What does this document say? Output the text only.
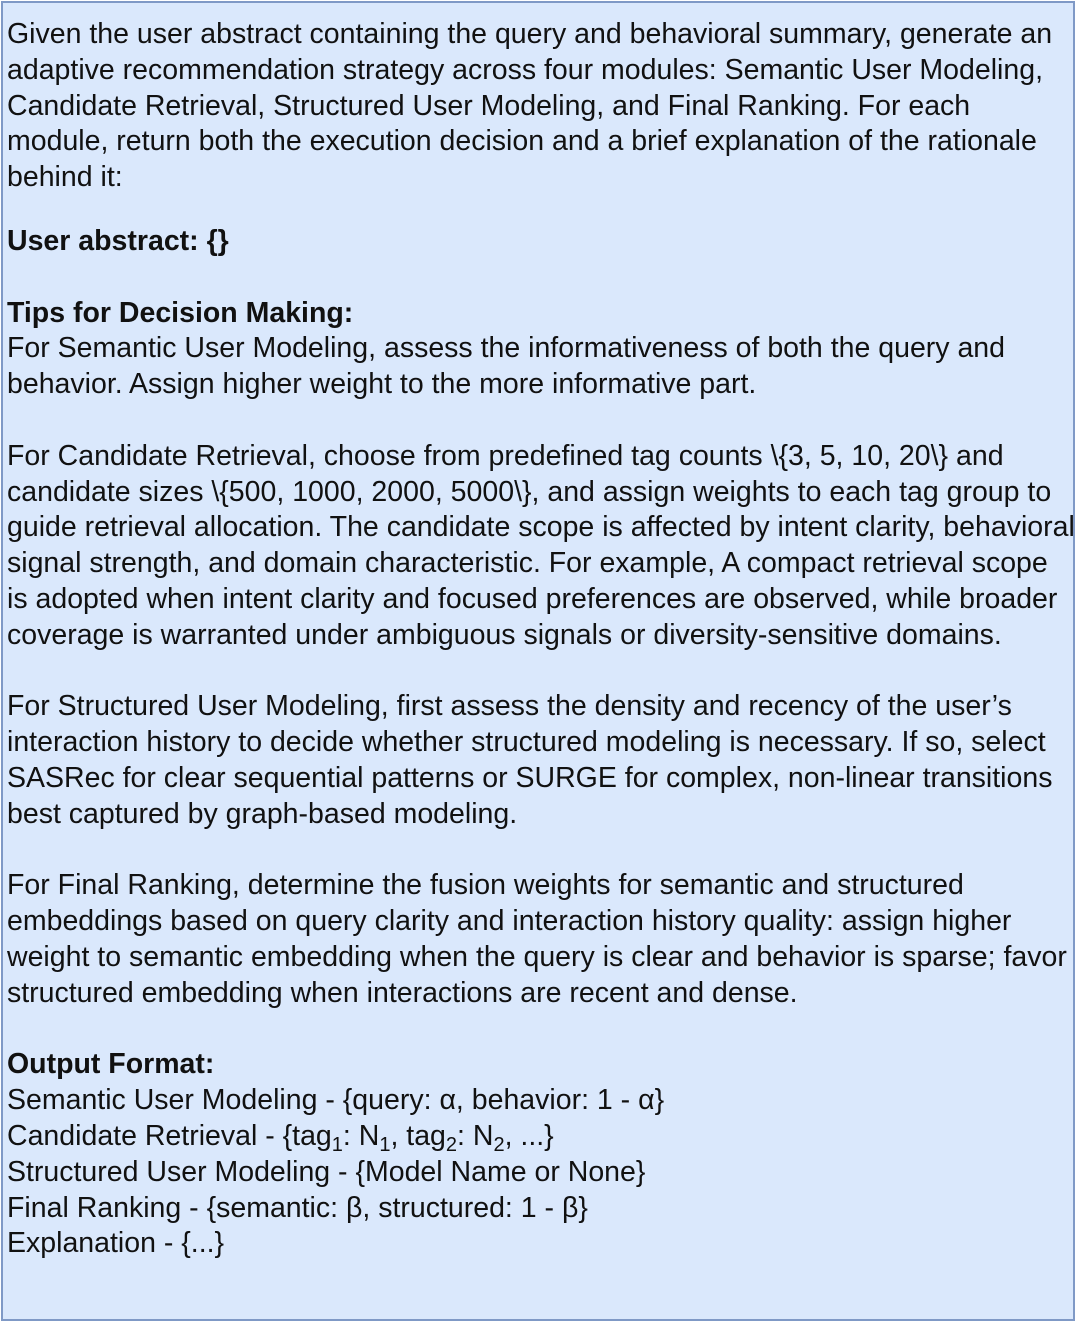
Given the user abstract containing the query and behavioral summary, generate an adaptive recommendation strategy across four modules: Semantic User Modeling, Candidate Retrieval, Structured User Modeling, and Final Ranking. For each module, return both the execution decision and a brief explanation of the rationale behind it:

User abstract: {}

Tips for Decision Making:

For Semantic User Modeling, assess the informativeness of both the query and behavior. Assign higher weight to the more informative part.

For Candidate Retrieval, choose from predefined tag counts \{3, 5, 10, 20\} and candidate sizes \{500, 1000, 2000, 5000\}, and assign weights to each tag group to guide retrieval allocation. The candidate scope is affected by intent clarity, behavioral signal strength, and domain characteristic. For example, A compact retrieval scope is adopted when intent clarity and focused preferences are observed, while broader coverage is warranted under ambiguous signals or diversity-sensitive domains.

For Structured User Modeling, first assess the density and recency of the user’s interaction history to decide whether structured modeling is necessary. If so, select SASRec for clear sequential patterns or SURGE for complex, non-linear transitions best captured by graph-based modeling.

For Final Ranking, determine the fusion weights for semantic and structured embeddings based on query clarity and interaction history quality: assign higher weight to semantic embedding when the query is clear and behavior is sparse; favor structured embedding when interactions are recent and dense.

Output Format:

Semantic User Modeling - {query: α, behavior: 1 - α}

Candidate Retrieval - {tag$_1$: $N_1$, tag$_2$: $N_2$, ...}

Structured User Modeling - {Model Name or None}

Final Ranking - {semantic: β, structured: 1 - β}

Explanation - {...}
